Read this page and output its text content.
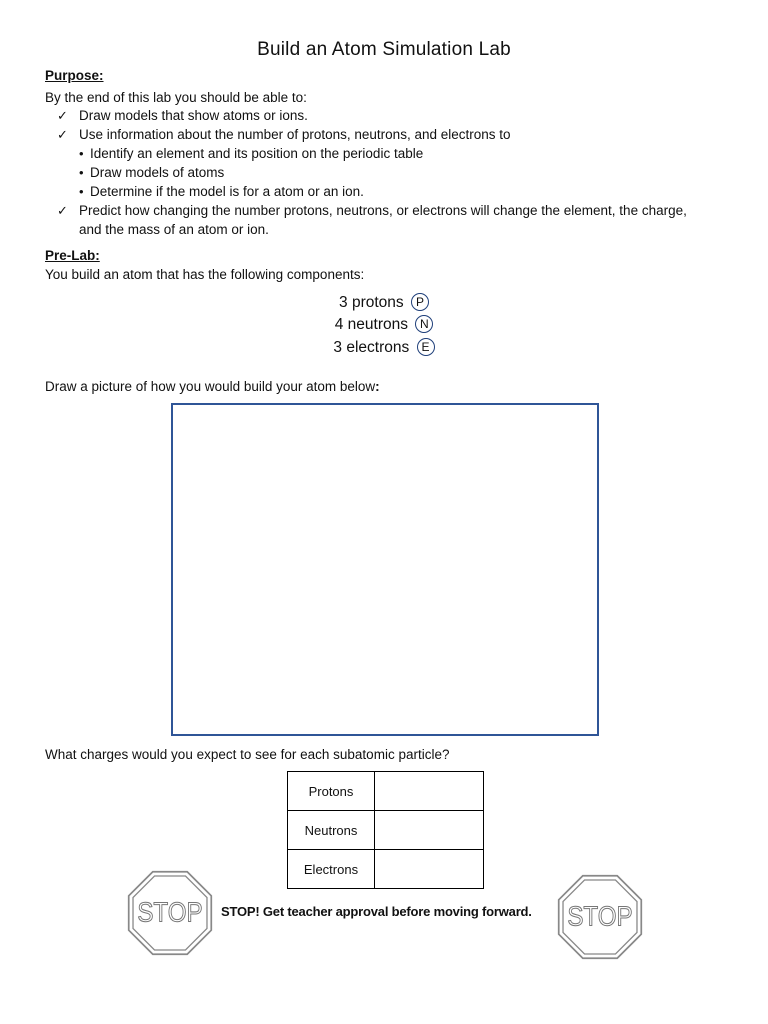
Build an Atom Simulation Lab
Purpose:
By the end of this lab you should be able to:
✓ Draw models that show atoms or ions.
✓ Use information about the number of protons, neutrons, and electrons to
• Identify an element and its position on the periodic table
• Draw models of atoms
• Determine if the model is for a atom or an ion.
✓ Predict how changing the number protons, neutrons, or electrons will change the element, the charge,
and the mass of an atom or ion.
Pre-Lab:
You build an atom that has the following components:
3 protons P
4 neutrons N
3 electrons E
Draw a picture of how you would build your atom below:
What charges would you expect to see for each subatomic particle?
Protons	
Neutrons	
Electrons	
STOP STOP! Get teacher approval before moving forward. STOP
